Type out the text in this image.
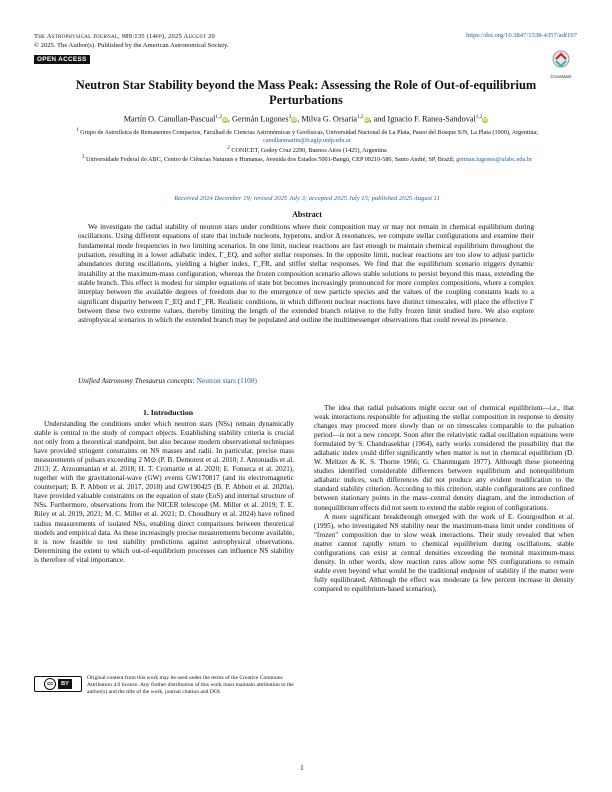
The Astrophysical Journal, 989:135 (14pp), 2025 August 20
© 2025. The Author(s). Published by the American Astronomical Society.
OPEN ACCESS
https://doi.org/10.3847/1538-4357/adf107
CrossMark
Neutron Star Stability beyond the Mass Peak: Assessing the Role of Out-of-equilibrium Perturbations
Martín O. Canullan-Pascual$^{1,2}$iD, Germán Lugones$^3$iD, Milva G. Orsaria$^{1,2}$iD, and Ignacio F. Ranea-Sandoval$^{1,2}$iD
$^1$ Grupo de Astrofísica de Remanentes Compactos, Facultad de Ciencias Astronómicas y Geofísicas, Universidad Nacional de La Plata, Paseo del Bosque S/N, La Plata (1900), Argentina; canullanmartin@fcaglp.unlp.edu.ar
$^2$ CONICET, Godoy Cruz 2290, Buenos Aires (1425), Argentina
$^3$ Universidade Federal do ABC, Centro de Ciências Naturais e Humanas, Avenida dos Estados 5001-Bangú, CEP 09210-580, Santo André, SP, Brazil; german.lugones@ufabc.edu.br
Received 2024 December 19; revised 2025 July 3; accepted 2025 July 15; published 2025 August 11
Abstract

We investigate the radial stability of neutron stars under conditions where their composition may or may not remain in chemical equilibrium during oscillations. Using different equations of state that include nucleons, hyperons, and/or Δ resonances, we compute stellar configurations and examine their fundamental mode frequencies in two limiting scenarios. In one limit, nuclear reactions are fast enough to maintain chemical equilibrium throughout the pulsation, resulting in a lower adiabatic index, Γ_EQ, and softer stellar responses. In the opposite limit, nuclear reactions are too slow to adjust particle abundances during oscillations, yielding a higher index, Γ_FR, and stiffer stellar responses. We find that the equilibrium scenario triggers dynamic instability at the maximum-mass configuration, whereas the frozen composition scenario allows stable solutions to persist beyond this mass, extending the stable branch. This effect is modest for simpler equations of state but becomes increasingly pronounced for more complex compositions, where a complex interplay between the available degrees of freedom due to the emergence of new particle species and the values of the coupling constants leads to a significant disparity between Γ_EQ and Γ_FR. Realistic conditions, in which different nuclear reactions have distinct timescales, will place the effective Γ between these two extreme values, thereby limiting the length of the extended branch relative to the fully frozen limit studied here. We also explore astrophysical scenarios in which the extended branch may be populated and outline the multimessenger observations that could reveal its presence.

Unified Astronomy Thesaurus concepts: Neutron stars (1108)
1. Introduction

Understanding the conditions under which neutron stars (NSs) remain dynamically stable is central to the study of compact objects. Establishing stability criteria is crucial not only from a theoretical standpoint, but also because modern observational techniques have provided stringent constraints on NS masses and radii. In particular, precise mass measurements of pulsars exceeding 2 M⊙ (P. B. Demorest et al. 2010; J. Antoniadis et al. 2013; Z. Arzoumanian et al. 2018; H. T. Cromartie et al. 2020; E. Fonseca et al. 2021), together with the gravitational-wave (GW) events GW170817 (and its electromagnetic counterpart; B. P. Abbott et al. 2017, 2018) and GW190425 (B. P. Abbott et al. 2020a), have provided valuable constraints on the equation of state (EoS) and internal structure of NSs. Furthermore, observations from the NICER telescope (M. Miller et al. 2019; T. E. Riley et al. 2019, 2021; M. C. Miller et al. 2021; D. Choudhury et al. 2024) have refined radius measurements of isolated NSs, enabling direct comparisons between theoretical models and empirical data. As these increasingly precise measurements become available, it is now feasible to test stability predictions against astrophysical observations. Determining the extent to which out-of-equilibrium processes can influence NS stability is therefore of vital importance.

The idea that radial pulsations might occur out of chemical equilibrium—i.e., that weak interactions responsible for adjusting the stellar composition in response to density changes may proceed more slowly than or on timescales comparable to the pulsation period—is not a new concept. Soon after the relativistic radial oscillation equations were formulated by S. Chandrasekhar (1964), early works considered the possibility that the adiabatic index could differ significantly when matter is not in chemical equilibrium (D. W. Meltzer & K. S. Thorne 1966; G. Chanmugam 1977). Although these pioneering studies identified considerable differences between equilibrium and nonequilibrium adiabatic indices, such differences did not produce any evident modification to the standard stability criterion. According to this criterion, stable configurations are confined between stationary points in the mass–central density diagram, and the introduction of nonequilibrium effects did not seem to extend the stable region of configurations.

A more significant breakthrough emerged with the work of E. Gourgoulhon et al. (1995), who investigated NS stability near the maximum-mass limit under conditions of "frozen" composition due to slow weak interactions. Their study revealed that when matter cannot rapidly return to chemical equilibrium during oscillations, stable configurations can exist at central densities exceeding the nominal maximum-mass density. In other words, slow reaction rates allow some NS configurations to remain stable even beyond what would be the traditional endpoint of stability if the matter were fully equilibrated. Although the effect was moderate (a few percent increase in density compared to equilibrium-based scenarios),

cc BY
Original content from this work may be used under the terms of the Creative Commons Attribution 4.0 licence. Any further distribution of this work must maintain attribution to the author(s) and the title of the work, journal citation and DOI.
1
